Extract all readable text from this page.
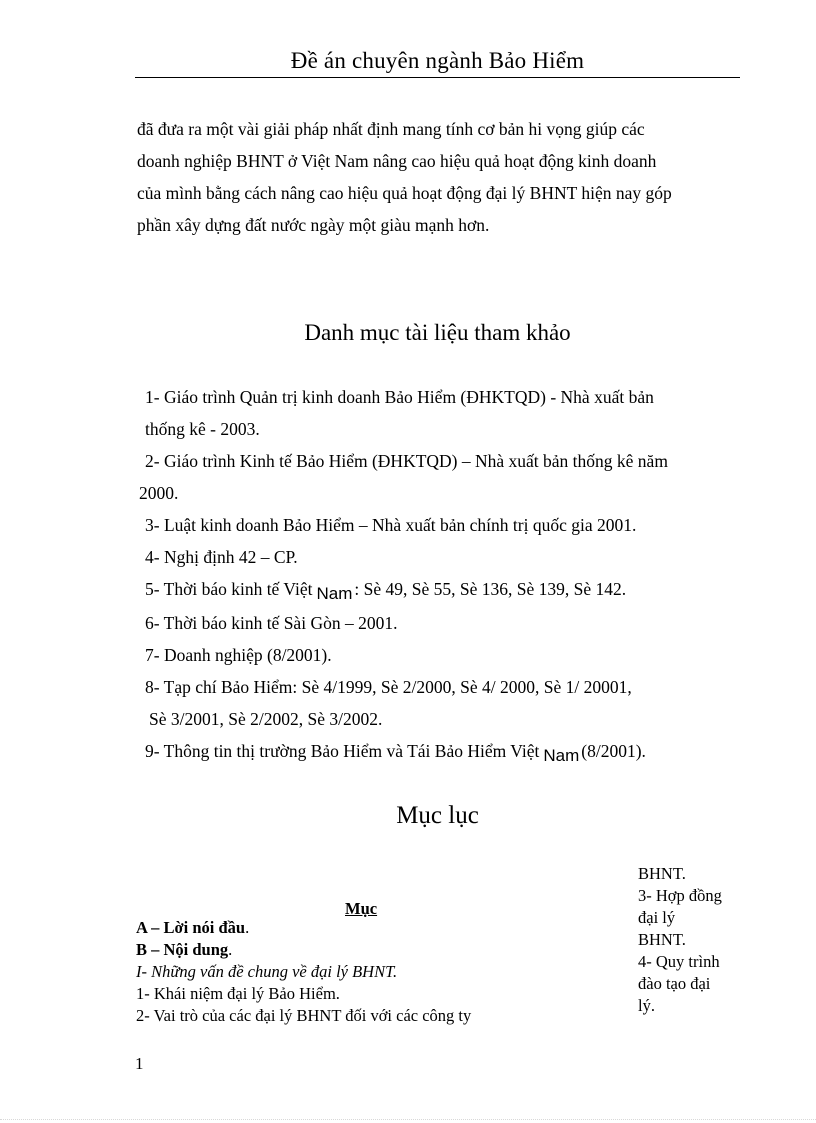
Đề án chuyên ngành Bảo Hiểm
đã đưa ra một vài giải pháp nhất định mang tính cơ bản hi vọng giúp các
doanh nghiệp BHNT ở Việt Nam nâng cao hiệu quả hoạt động kinh doanh
của mình bằng cách nâng cao hiệu quả hoạt động đại lý BHNT hiện nay góp
phần xây dựng đất nước ngày một giàu mạnh hơn.
Danh mục tài liệu tham khảo
1- Giáo trình Quản trị kinh doanh Bảo Hiểm (ĐHKTQD) - Nhà xuất bản
thống kê - 2003.
2- Giáo trình Kinh tế Bảo Hiểm (ĐHKTQD) – Nhà xuất bản thống kê năm
2000.
3- Luật kinh doanh Bảo Hiểm – Nhà xuất bản chính trị quốc gia 2001.
4- Nghị định 42 – CP.
5- Thời báo kinh tế Việt Nam : Sè 49, Sè 55, Sè 136, Sè 139, Sè 142.
6- Thời báo kinh tế Sài Gòn – 2001.
7- Doanh nghiệp (8/2001).
8- Tạp chí Bảo Hiểm: Sè 4/1999, Sè 2/2000, Sè 4/ 2000, Sè 1/ 20001,
Sè 3/2001, Sè 2/2002, Sè 3/2002.
9- Thông tin thị trường Bảo Hiểm và Tái Bảo Hiểm Việt Nam (8/2001).
Mục lục
Mục
A – Lời nói đầu.
B – Nội dung.
I- Những vấn đề chung về đại lý BHNT.
1- Khái niệm đại lý Bảo Hiểm.
2- Vai trò của các đại lý BHNT đối với các công ty
BHNT.
3- Hợp đồng
đại lý
BHNT.
4- Quy trình
đào tạo đại
lý.
1
